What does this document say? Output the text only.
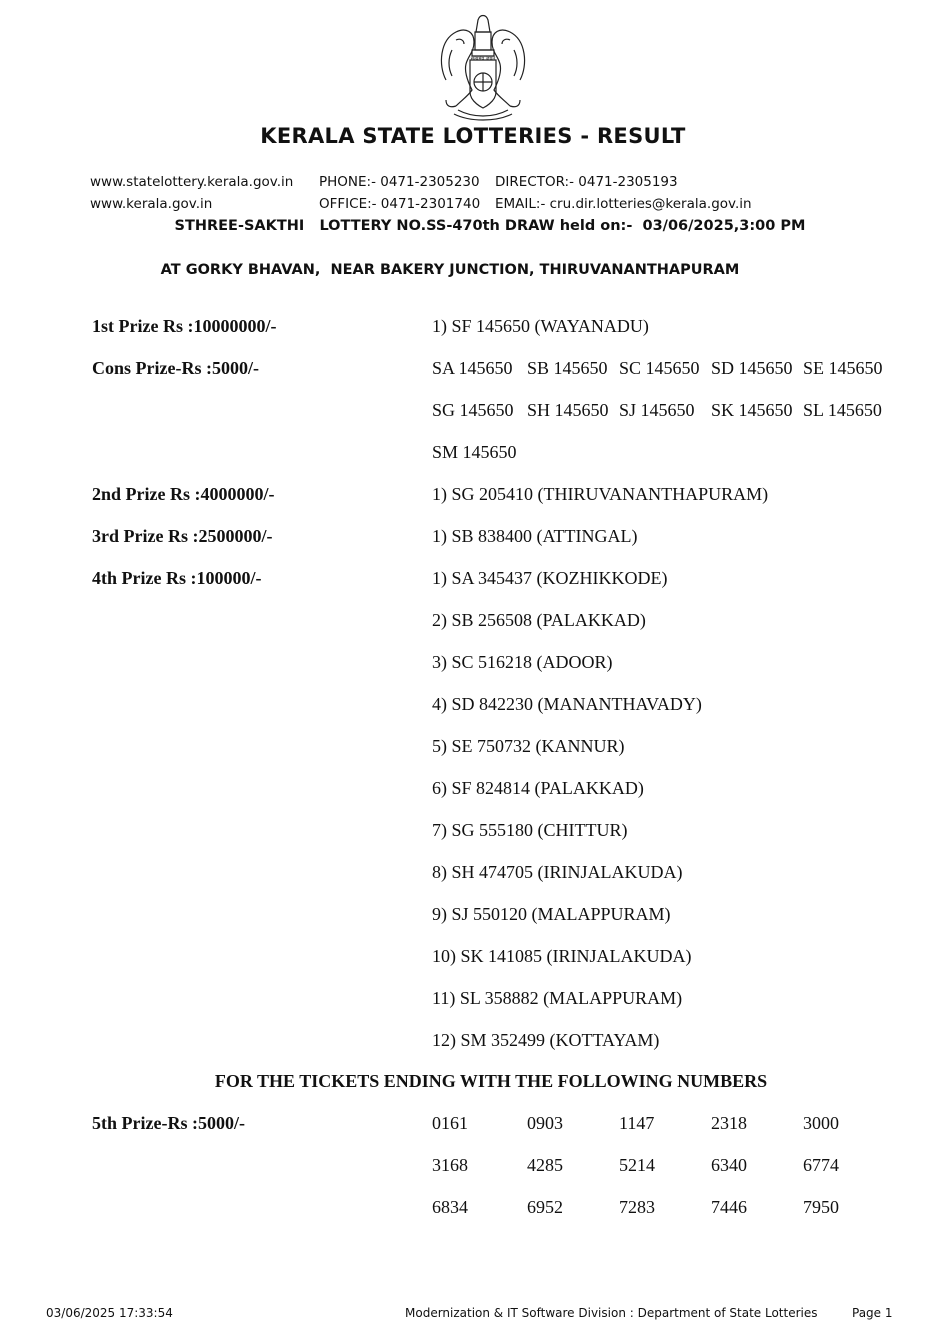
सत्यमेव जयते
KERALA STATE LOTTERIES - RESULT
www.statelottery.kerala.gov.in PHONE:- 0471-2305230 DIRECTOR:- 0471-2305193
www.kerala.gov.in	OFFICE:- 0471-2301740 EMAIL:- cru.dir.lotteries@kerala.gov.in
STHREE-SAKTHI   LOTTERY NO.SS-470th DRAW held on:-  03/06/2025,3:00 PM
AT GORKY BHAVAN,  NEAR BAKERY JUNCTION, THIRUVANANTHAPURAM
1st Prize Rs :10000000/-	1) SF 145650 (WAYANADU)
Cons Prize-Rs :5000/-	SA 145650 SB 145650 SC 145650 SD 145650 SE 145650
SG 145650 SH 145650 SJ 145650 SK 145650 SL 145650
SM 145650
2nd Prize Rs :4000000/-	1) SG 205410 (THIRUVANANTHAPURAM)
3rd Prize Rs :2500000/-	1) SB 838400 (ATTINGAL)
4th Prize Rs :100000/-	1) SA 345437 (KOZHIKKODE)
2) SB 256508 (PALAKKAD)
3) SC 516218 (ADOOR)
4) SD 842230 (MANANTHAVADY)
5) SE 750732 (KANNUR)
6) SF 824814 (PALAKKAD)
7) SG 555180 (CHITTUR)
8) SH 474705 (IRINJALAKUDA)
9) SJ 550120 (MALAPPURAM)
10) SK 141085 (IRINJALAKUDA)
11) SL 358882 (MALAPPURAM)
12) SM 352499 (KOTTAYAM)
FOR THE TICKETS ENDING WITH THE FOLLOWING NUMBERS
5th Prize-Rs :5000/-	0161	0903	1147	2318	3000
3168	4285	5214	6340	6774
6834	6952	7283	7446	7950
03/06/2025 17:33:54	Modernization & IT Software Division : Department of State Lotteries	Page 1
